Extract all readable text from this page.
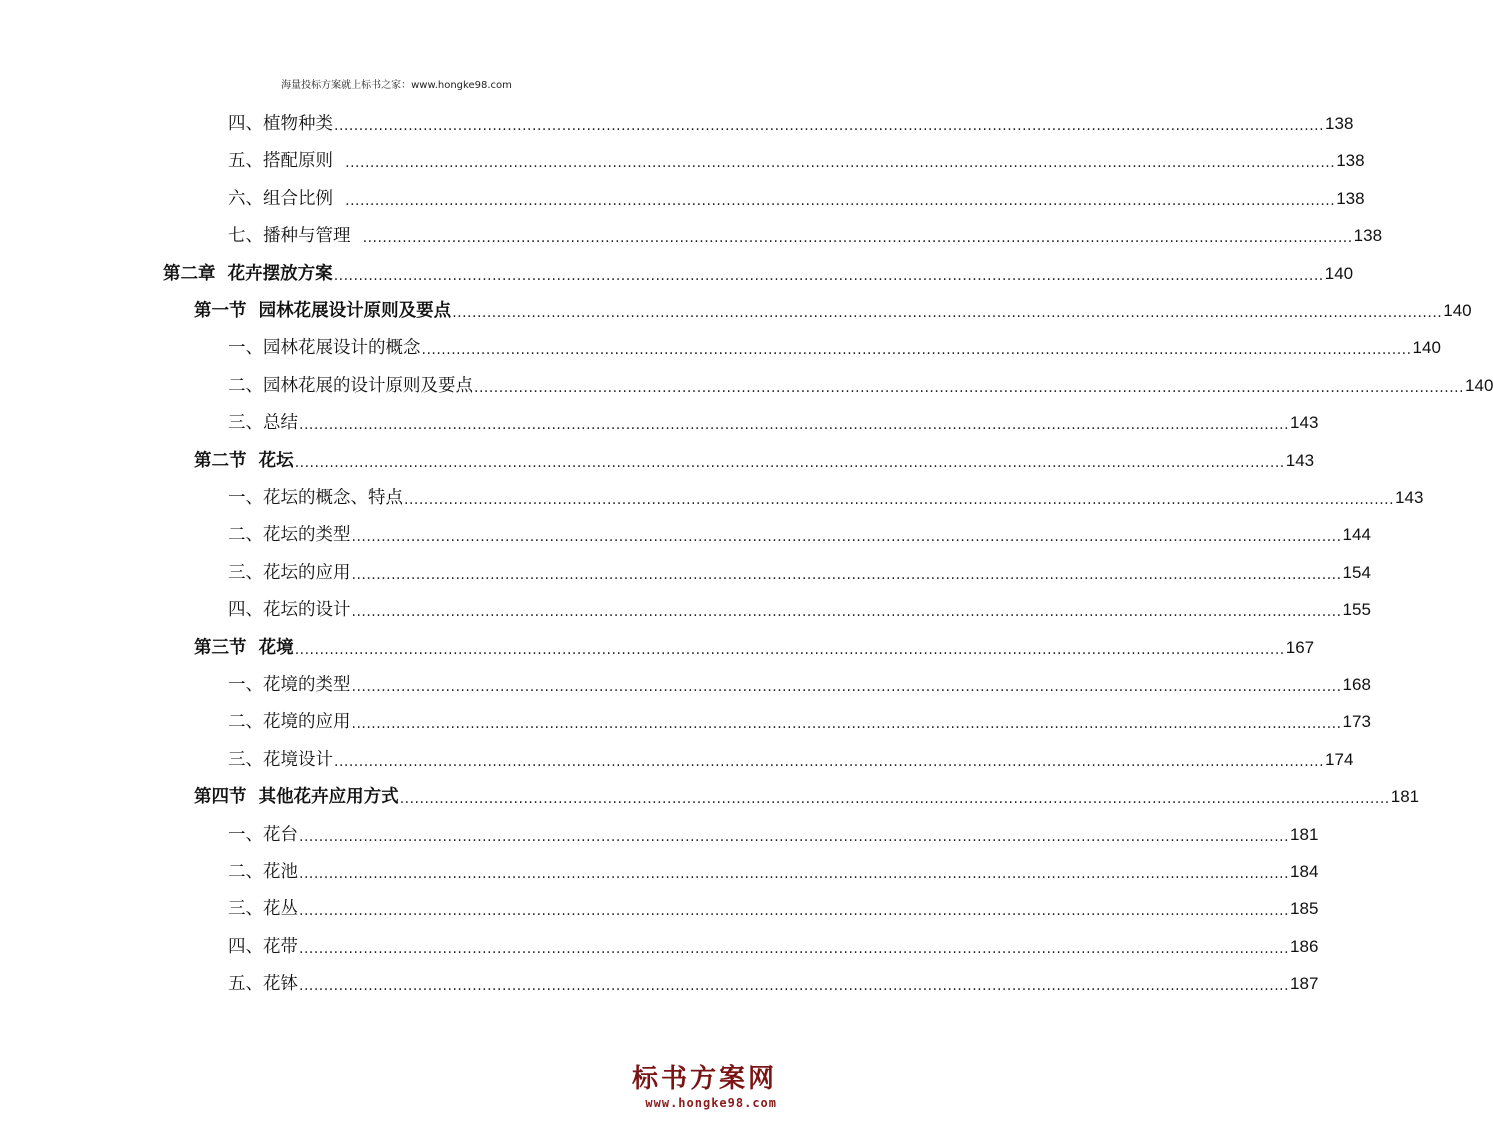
海量投标方案就上标书之家：www.hongke98.com
四、植物种类 ........................................................................................................................................................................................................ 138
五、搭配原则 ........................................................................................................................................................................................................ 138
六、组合比例 ........................................................................................................................................................................................................ 138
七、播种与管理 ........................................................................................................................................................................................................ 138
第二章  花卉摆放方案 ........................................................................................................................................................................................................ 140
第一节  园林花展设计原则及要点 ........................................................................................................................................................................................................ 140
一、园林花展设计的概念 ........................................................................................................................................................................................................ 140
二、园林花展的设计原则及要点 ........................................................................................................................................................................................................ 140
三、总结 ........................................................................................................................................................................................................ 143
第二节  花坛 ........................................................................................................................................................................................................ 143
一、花坛的概念、特点 ........................................................................................................................................................................................................ 143
二、花坛的类型 ........................................................................................................................................................................................................ 144
三、花坛的应用 ........................................................................................................................................................................................................ 154
四、花坛的设计 ........................................................................................................................................................................................................ 155
第三节  花境 ........................................................................................................................................................................................................ 167
一、花境的类型 ........................................................................................................................................................................................................ 168
二、花境的应用 ........................................................................................................................................................................................................ 173
三、花境设计 ........................................................................................................................................................................................................ 174
第四节  其他花卉应用方式 ........................................................................................................................................................................................................ 181
一、花台 ........................................................................................................................................................................................................ 181
二、花池 ........................................................................................................................................................................................................ 184
三、花丛 ........................................................................................................................................................................................................ 185
四、花带 ........................................................................................................................................................................................................ 186
五、花钵 ........................................................................................................................................................................................................ 187
标书方案网
www.hongke98.com
